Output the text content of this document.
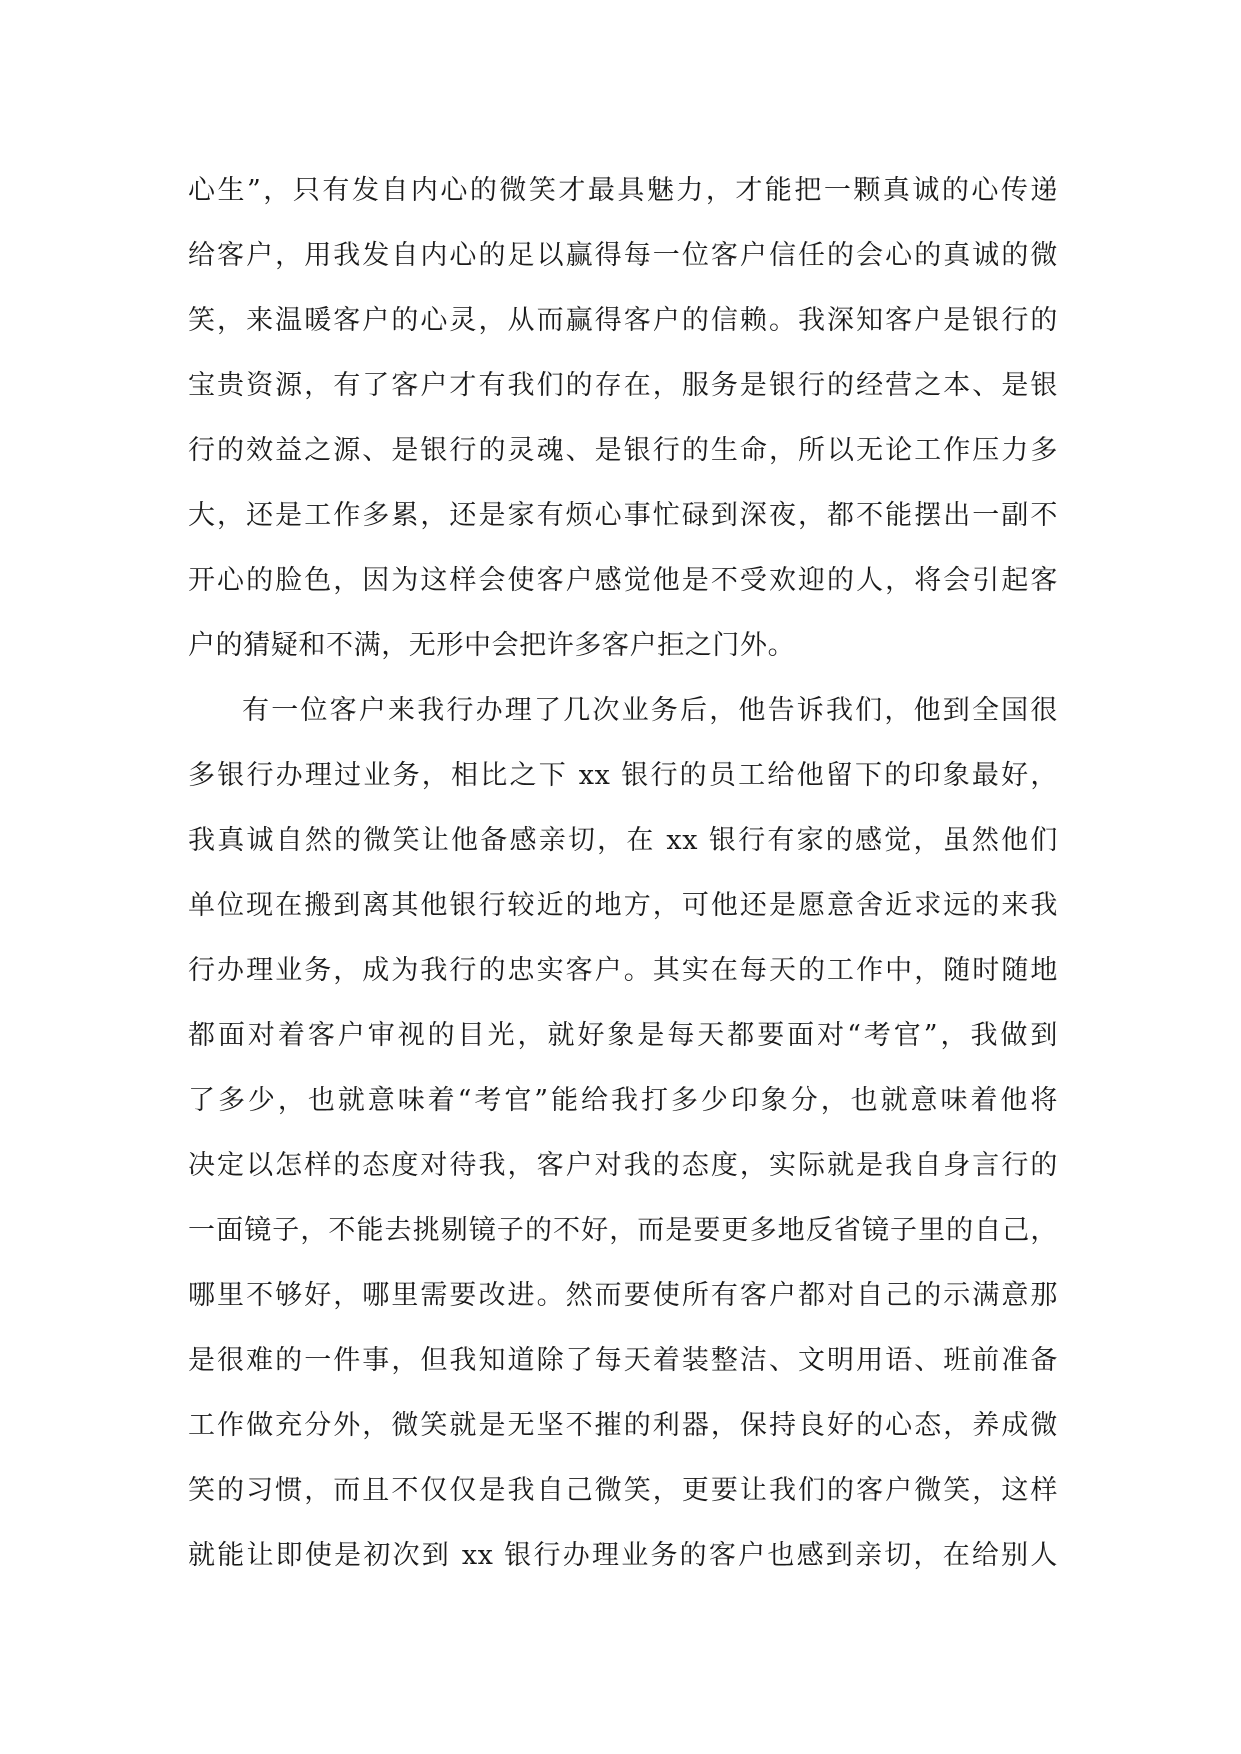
心生”，只有发自内心的微笑才最具魅力，才能把一颗真诚的心传递
给客户，用我发自内心的足以赢得每一位客户信任的会心的真诚的微
笑，来温暖客户的心灵，从而赢得客户的信赖。我深知客户是银行的
宝贵资源，有了客户才有我们的存在，服务是银行的经营之本、是银
行的效益之源、是银行的灵魂、是银行的生命，所以无论工作压力多
大，还是工作多累，还是家有烦心事忙碌到深夜，都不能摆出一副不
开心的脸色，因为这样会使客户感觉他是不受欢迎的人，将会引起客
户的猜疑和不满，无形中会把许多客户拒之门外。
有一位客户来我行办理了几次业务后，他告诉我们，他到全国很
多银行办理过业务，相比之下 xx 银行的员工给他留下的印象最好，
我真诚自然的微笑让他备感亲切，在 xx 银行有家的感觉，虽然他们
单位现在搬到离其他银行较近的地方，可他还是愿意舍近求远的来我
行办理业务，成为我行的忠实客户。其实在每天的工作中，随时随地
都面对着客户审视的目光，就好象是每天都要面对“考官”，我做到
了多少，也就意味着“考官”能给我打多少印象分，也就意味着他将
决定以怎样的态度对待我，客户对我的态度，实际就是我自身言行的
一面镜子，不能去挑剔镜子的不好，而是要更多地反省镜子里的自己，
哪里不够好，哪里需要改进。然而要使所有客户都对自己的示满意那
是很难的一件事，但我知道除了每天着装整洁、文明用语、班前准备
工作做充分外，微笑就是无坚不摧的利器，保持良好的心态，养成微
笑的习惯，而且不仅仅是我自己微笑，更要让我们的客户微笑，这样
就能让即使是初次到 xx 银行办理业务的客户也感到亲切，在给别人
